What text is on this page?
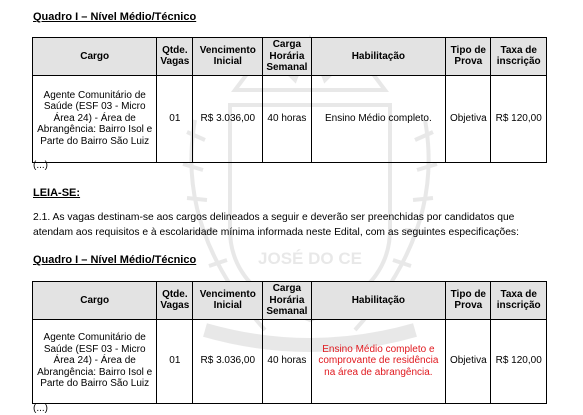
JOSÉ DO CE
Quadro I – Nível Médio/Técnico
Cargo	Qtde. Vagas	Vencimento Inicial	Carga Horária Semanal	Habilitação	Tipo de Prova	Taxa de inscrição
Agente Comunitário de Saúde (ESF 03 - Micro Área 24) - Área de Abrangência: Bairro Isol e Parte do Bairro São Luiz	01	R$ 3.036,00	40 horas	Ensino Médio completo.	Objetiva	R$ 120,00
(...)
LEIA-SE:

2.1. As vagas destinam-se aos cargos delineados a seguir e deverão ser preenchidas por candidatos que atendam aos requisitos e à escolaridade mínima informada neste Edital, com as seguintes especificações:

Quadro I – Nível Médio/Técnico
Cargo	Qtde. Vagas	Vencimento Inicial	Carga Horária Semanal	Habilitação	Tipo de Prova	Taxa de inscrição
Agente Comunitário de Saúde (ESF 03 - Micro Área 24) - Área de Abrangência: Bairro Isol e Parte do Bairro São Luiz	01	R$ 3.036,00	40 horas	Ensino Médio completo e comprovante de residência na área de abrangência.	Objetiva	R$ 120,00
(...)
